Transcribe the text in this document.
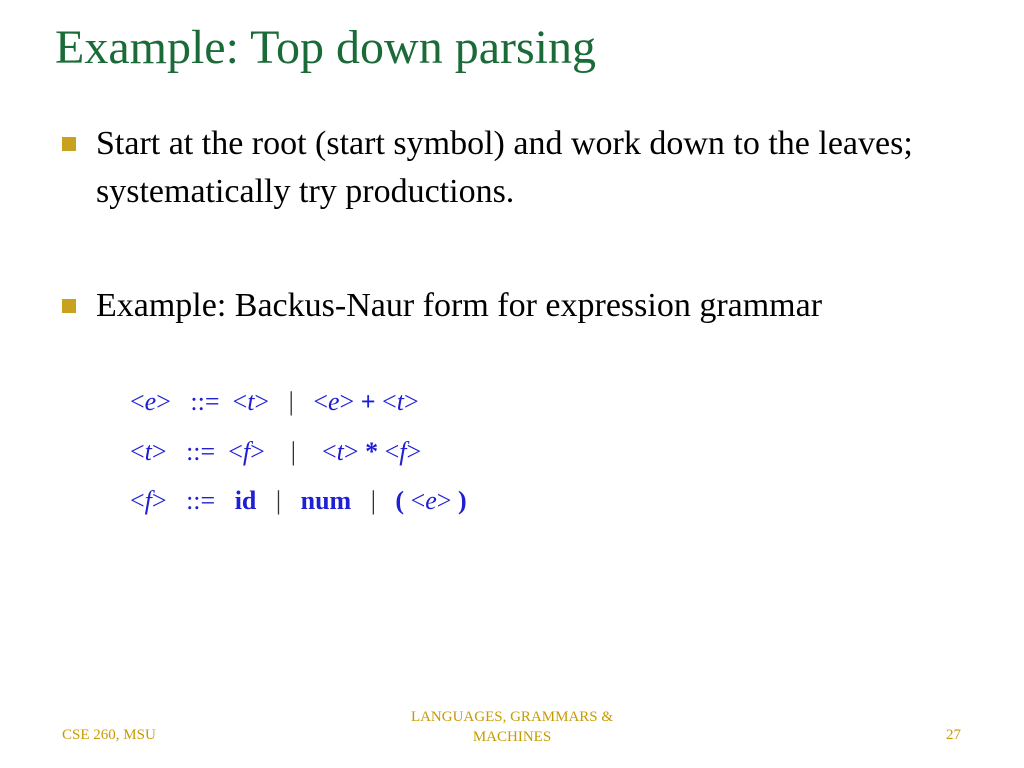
Example: Top down parsing
Start at the root (start symbol) and work down to the leaves; systematically try productions.
Example: Backus-Naur form for expression grammar
<e> ::= <t> | <e> + <t>
<t> ::= <f> | <t> * <f>
<f> ::= id | num | ( <e> )
CSE 260, MSU
LANGUAGES, GRAMMARS & MACHINES	27
